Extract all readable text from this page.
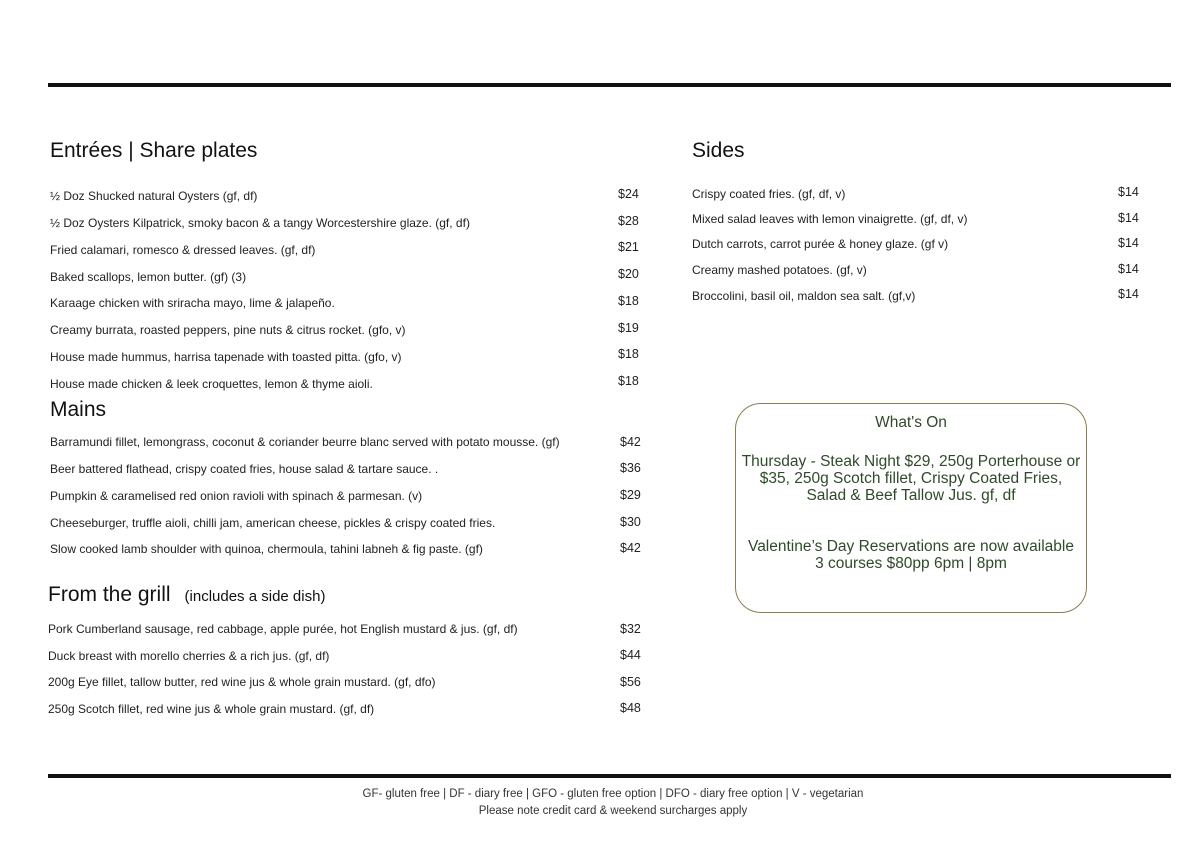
Entrées | Share plates
½ Doz Shucked natural Oysters (gf, df)	$24
½ Doz Oysters Kilpatrick, smoky bacon & a tangy Worcestershire glaze. (gf, df)	$28
Fried calamari, romesco & dressed leaves. (gf, df)	$21
Baked scallops, lemon butter. (gf) (3)	$20
Karaage chicken with sriracha mayo, lime & jalapeño.	$18
Creamy burrata, roasted peppers, pine nuts & citrus rocket. (gfo, v)	$19
House made hummus, harrisa tapenade with toasted pitta. (gfo, v)	$18
House made chicken & leek croquettes, lemon & thyme aioli.	$18
Mains
Barramundi fillet, lemongrass, coconut & coriander beurre blanc served with potato mousse. (gf)	$42
Beer battered flathead, crispy coated fries, house salad & tartare sauce. .	$36
Pumpkin & caramelised red onion ravioli with spinach & parmesan. (v)	$29
Cheeseburger, truffle aioli, chilli jam, american cheese, pickles & crispy coated fries.	$30
Slow cooked lamb shoulder with quinoa, chermoula, tahini labneh & fig paste. (gf)	$42
From the grill (includes a side dish)
Pork Cumberland sausage, red cabbage, apple purée, hot English mustard & jus. (gf, df)	$32
Duck breast with morello cherries & a rich jus. (gf, df)	$44
200g Eye fillet, tallow butter, red wine jus & whole grain mustard. (gf, dfo)	$56
250g Scotch fillet, red wine jus & whole grain mustard. (gf, df)	$48
Sides
Crispy coated fries. (gf, df, v)	$14
Mixed salad leaves with lemon vinaigrette. (gf, df, v)	$14
Dutch carrots, carrot purée & honey glaze. (gf v)	$14
Creamy mashed potatoes. (gf, v)	$14
Broccolini, basil oil, maldon sea salt. (gf,v)	$14
What's On
Thursday - Steak Night $29, 250g Porterhouse or $35, 250g Scotch fillet, Crispy Coated Fries, Salad & Beef Tallow Jus. gf, df
Valentine’s Day Reservations are now available
3 courses $80pp 6pm | 8pm
GF- gluten free | DF - diary free | GFO - gluten free option | DFO - diary free option | V - vegetarian
Please note credit card & weekend surcharges apply
